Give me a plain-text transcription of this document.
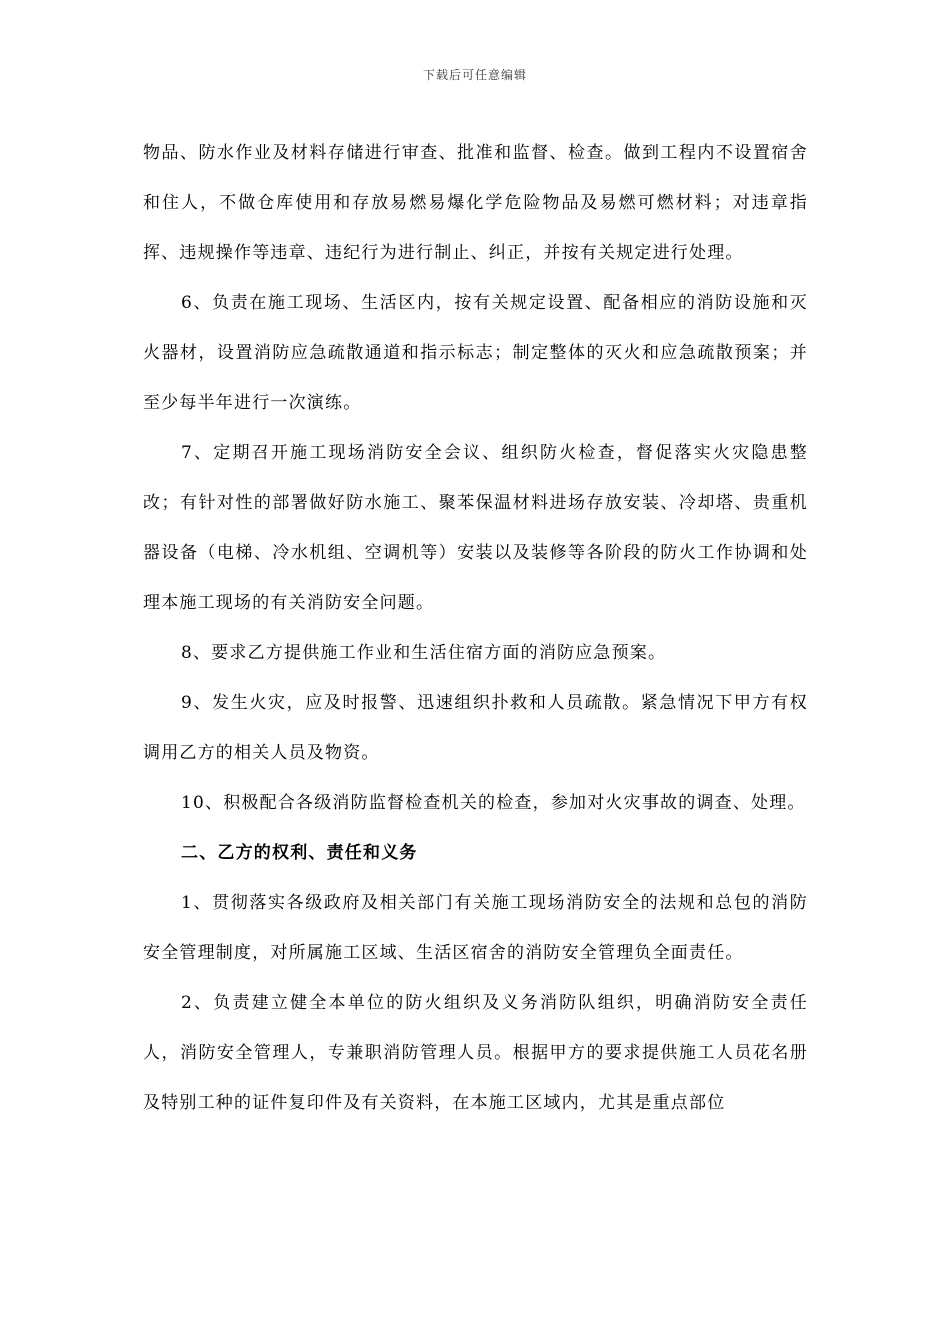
下载后可任意编辑

物品、防水作业及材料存储进行审查、批准和监督、检查。做到工程内不设置宿舍和住人，不做仓库使用和存放易燃易爆化学危险物品及易燃可燃材料；对违章指挥、违规操作等违章、违纪行为进行制止、纠正，并按有关规定进行处理。

6、负责在施工现场、生活区内，按有关规定设置、配备相应的消防设施和灭火器材，设置消防应急疏散通道和指示标志；制定整体的灭火和应急疏散预案；并至少每半年进行一次演练。

7、定期召开施工现场消防安全会议、组织防火检查，督促落实火灾隐患整改；有针对性的部署做好防水施工、聚苯保温材料进场存放安装、冷却塔、贵重机器设备（电梯、冷水机组、空调机等）安装以及装修等各阶段的防火工作协调和处理本施工现场的有关消防安全问题。

8、要求乙方提供施工作业和生活住宿方面的消防应急预案。

9、发生火灾，应及时报警、迅速组织扑救和人员疏散。紧急情况下甲方有权调用乙方的相关人员及物资。

10、积极配合各级消防监督检查机关的检查，参加对火灾事故的调查、处理。

二、乙方的权利、责任和义务

1、贯彻落实各级政府及相关部门有关施工现场消防安全的法规和总包的消防安全管理制度，对所属施工区域、生活区宿舍的消防安全管理负全面责任。

2、负责建立健全本单位的防火组织及义务消防队组织，明确消防安全责任人，消防安全管理人，专兼职消防管理人员。根据甲方的要求提供施工人员花名册及特别工种的证件复印件及有关资料，在本施工区域内，尤其是重点部位
